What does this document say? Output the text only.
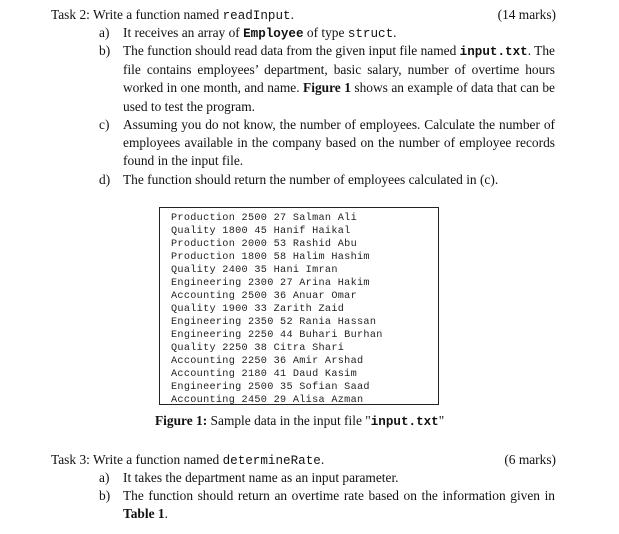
Task 2: Write a function named readInput.	(14 marks)
a) It receives an array of Employee of type struct.
b) The function should read data from the given input file named input.txt. The file contains employees’ department, basic salary, number of overtime hours worked in one month, and name. Figure 1 shows an example of data that can be used to test the program.
c) Assuming you do not know, the number of employees. Calculate the number of employees available in the company based on the number of employee records found in the input file.
d) The function should return the number of employees calculated in (c).
Production 2500 27 Salman Ali
Quality 1800 45 Hanif Haikal
Production 2000 53 Rashid Abu
Production 1800 58 Halim Hashim
Quality 2400 35 Hani Imran
Engineering 2300 27 Arina Hakim
Accounting 2500 36 Anuar Omar
Quality 1900 33 Zarith Zaid
Engineering 2350 52 Rania Hassan
Engineering 2250 44 Buhari Burhan
Quality 2250 38 Citra Shari
Accounting 2250 36 Amir Arshad
Accounting 2180 41 Daud Kasim
Engineering 2500 35 Sofian Saad
Accounting 2450 29 Alisa Azman
Figure 1: Sample data in the input file "input.txt"
Task 3: Write a function named determineRate.	(6 marks)
a) It takes the department name as an input parameter.
b) The function should return an overtime rate based on the information given in Table 1.
